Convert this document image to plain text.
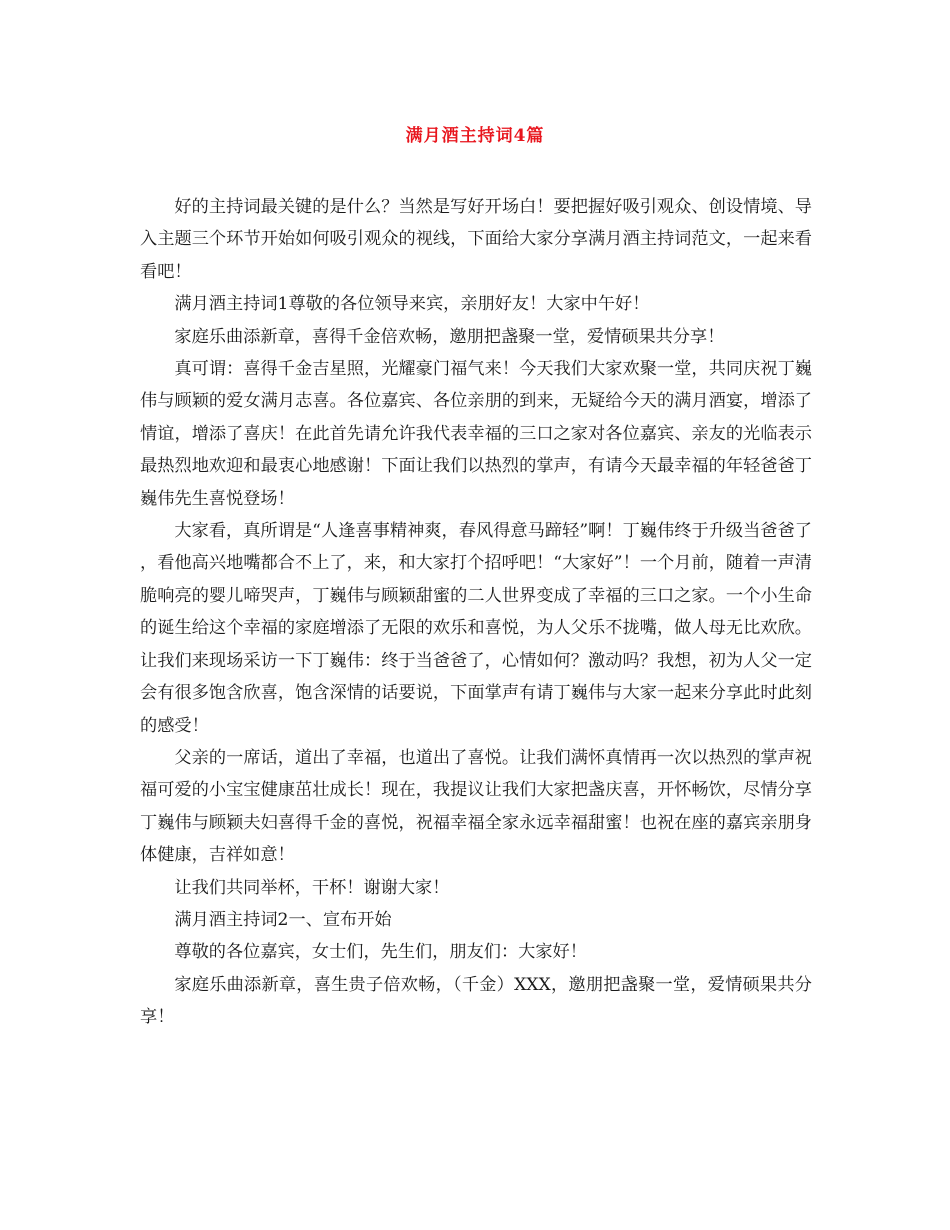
满月酒主持词4篇

好的主持词最关键的是什么？当然是写好开场白！要把握好吸引观众、创设情境、导入主题三个环节开始如何吸引观众的视线，下面给大家分享满月酒主持词范文，一起来看看吧！

满月酒主持词1尊敬的各位领导来宾，亲朋好友！大家中午好！

家庭乐曲添新章，喜得千金倍欢畅，邀朋把盏聚一堂，爱情硕果共分享！

真可谓：喜得千金吉星照，光耀豪门福气来！今天我们大家欢聚一堂，共同庆祝丁巍伟与顾颖的爱女满月志喜。各位嘉宾、各位亲朋的到来，无疑给今天的满月酒宴，增添了情谊，增添了喜庆！在此首先请允许我代表幸福的三口之家对各位嘉宾、亲友的光临表示最热烈地欢迎和最衷心地感谢！下面让我们以热烈的掌声，有请今天最幸福的年轻爸爸丁巍伟先生喜悦登场！

大家看，真所谓是“人逢喜事精神爽，春风得意马蹄轻”啊！丁巍伟终于升级当爸爸了，看他高兴地嘴都合不上了，来，和大家打个招呼吧！“大家好”！一个月前，随着一声清脆响亮的婴儿啼哭声，丁巍伟与顾颖甜蜜的二人世界变成了幸福的三口之家。一个小生命的诞生给这个幸福的家庭增添了无限的欢乐和喜悦，为人父乐不拢嘴，做人母无比欢欣。让我们来现场采访一下丁巍伟：终于当爸爸了，心情如何？激动吗？我想，初为人父一定会有很多饱含欣喜，饱含深情的话要说，下面掌声有请丁巍伟与大家一起来分享此时此刻的感受！

父亲的一席话，道出了幸福，也道出了喜悦。让我们满怀真情再一次以热烈的掌声祝福可爱的小宝宝健康茁壮成长！现在，我提议让我们大家把盏庆喜，开怀畅饮，尽情分享丁巍伟与顾颖夫妇喜得千金的喜悦，祝福幸福全家永远幸福甜蜜！也祝在座的嘉宾亲朋身体健康，吉祥如意！

让我们共同举杯，干杯！谢谢大家！

满月酒主持词2一、宣布开始

尊敬的各位嘉宾，女士们，先生们，朋友们：大家好！

家庭乐曲添新章，喜生贵子倍欢畅，（千金）XXX，邀朋把盏聚一堂，爱情硕果共分享！
